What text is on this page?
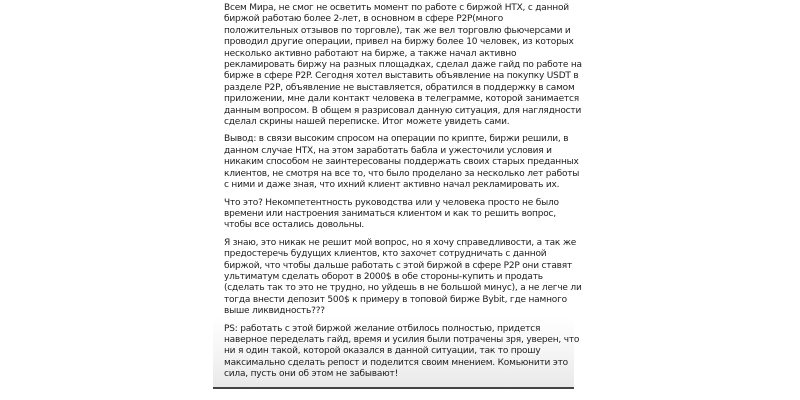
Всем Мира, не смог не осветить момент по работе с биржой HTX, с данной
биржой работаю более 2-лет, в основном в сфере P2P(много
положительных отзывов по торговле), так же вел торговлю фьючерсами и
проводил другие операции, привел на биржу более 10 человек, из которых
несколько активно работают на бирже, а также начал активно
рекламировать биржу на разных площадках, сделал даже гайд по работе на
бирже в сфере P2P. Сегодня хотел выставить объявление на покупку USDT в
разделе P2P, объявление не выставляется, обратился в поддержку в самом
приложении, мне дали контакт человека в телеграмме, которой занимается
данным вопросом. В общем я разрисовал данную ситуация, для наглядности
сделал скрины нашей переписке. Итог можете увидеть сами.

Вывод: в связи высоким спросом на операции по крипте, биржи решили, в
данном случае HTX, на этом заработать бабла и ужесточили условия и
никаким способом не заинтересованы поддержать своих старых преданных
клиентов, не смотря на все то, что было проделано за несколько лет работы
с ними и даже зная, что ихний клиент активно начал рекламировать их.

Что это? Некомпетентность руководства или у человека просто не было
времени или настроения заниматься клиентом и как то решить вопрос,
чтобы все остались довольны.

Я знаю, это никак не решит мой вопрос, но я хочу справедливости, а так же
предостеречь будущих клиентов, кто захочет сотрудничать с данной
биржой, что чтобы дальше работать с этой биржой в сфере P2P они ставят
ультиматум сделать оборот в 2000$ в обе стороны-купить и продать
(сделать так то это не трудно, но уйдешь в не большой минус), а не легче ли
тогда внести депозит 500$ к примеру в топовой бирже Bybit, где намного
выше ликвидность???

PS: работать с этой биржой желание отбилось полностью, придется
наверное переделать гайд, время и усилия были потрачены зря, уверен, что
ни я один такой, которой оказался в данной ситуации, так то прошу
максимально сделать репост и поделится своим мнением. Комьюнити это
сила, пусть они об этом не забывают!
